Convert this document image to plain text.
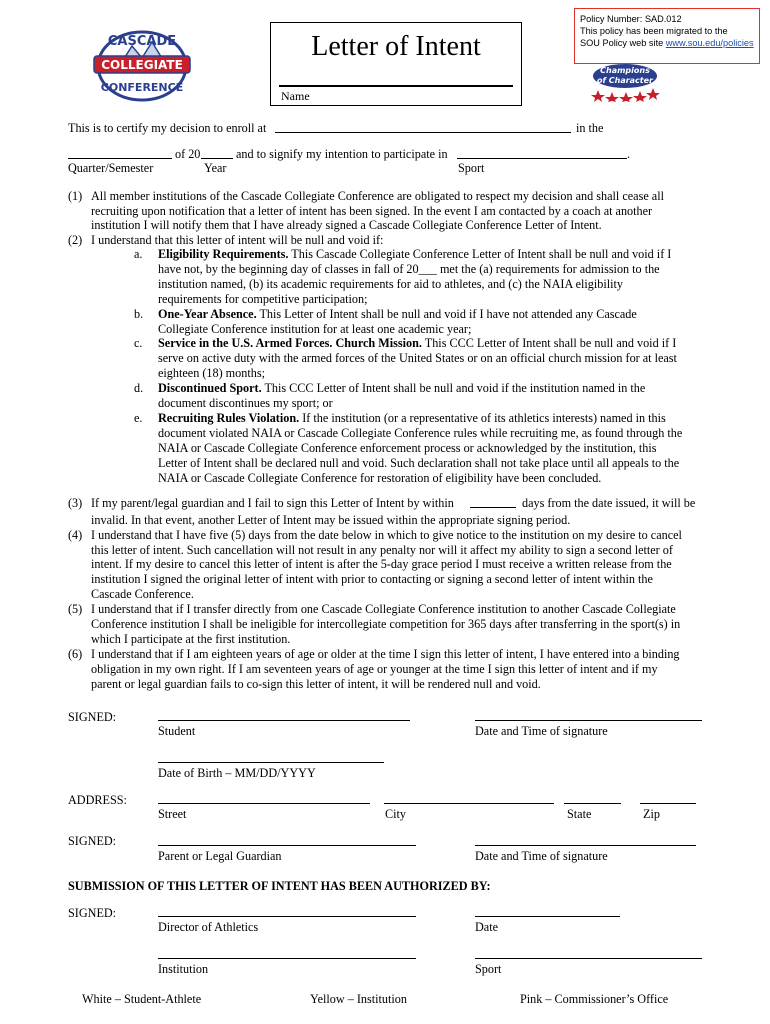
CASCADE
COLLEGIATE
CONFERENCE
Letter of Intent
Name
Policy Number: SAD.012
This policy has been migrated to the
SOU Policy web site www.sou.edu/policies
Champions
of Character
This is to certify my decision to enroll at	in the
of 20	and to signify my intention to participate in	.
Quarter/Semester	Year	Sport
(1) All member institutions of the Cascade Collegiate Conference are obligated to respect my decision and shall cease all
recruiting upon notification that a letter of intent has been signed. In the event I am contacted by a coach at another
institution I will notify them that I have already signed a Cascade Collegiate Conference Letter of Intent.
(2) I understand that this letter of intent will be null and void if:
a. Eligibility Requirements. This Cascade Collegiate Conference Letter of Intent shall be null and void if I
have not, by the beginning day of classes in fall of 20___ met the (a) requirements for admission to the
institution named, (b) its academic requirements for aid to athletes, and (c) the NAIA eligibility
requirements for competitive participation;
b. One-Year Absence. This Letter of Intent shall be null and void if I have not attended any Cascade
Collegiate Conference institution for at least one academic year;
c. Service in the U.S. Armed Forces. Church Mission. This CCC Letter of Intent shall be null and void if I
serve on active duty with the armed forces of the United States or on an official church mission for at least
eighteen (18) months;
d. Discontinued Sport. This CCC Letter of Intent shall be null and void if the institution named in the
document discontinues my sport; or
e. Recruiting Rules Violation. If the institution (or a representative of its athletics interests) named in this
document violated NAIA or Cascade Collegiate Conference rules while recruiting me, as found through the
NAIA or Cascade Collegiate Conference enforcement process or acknowledged by the institution, this
Letter of Intent shall be declared null and void. Such declaration shall not take place until all appeals to the
NAIA or Cascade Collegiate Conference for restoration of eligibility have been concluded.
(3) If my parent/legal guardian and I fail to sign this Letter of Intent by within	days from the date issued, it will be
invalid. In that event, another Letter of Intent may be issued within the appropriate signing period.
(4) I understand that I have five (5) days from the date below in which to give notice to the institution on my desire to cancel
this letter of intent. Such cancellation will not result in any penalty nor will it affect my ability to sign a second letter of
intent. If my desire to cancel this letter of intent is after the 5-day grace period I must receive a written release from the
institution I signed the original letter of intent with prior to contacting or signing a second letter of intent within the
Cascade Conference.
(5) I understand that if I transfer directly from one Cascade Collegiate Conference institution to another Cascade Collegiate
Conference institution I shall be ineligible for intercollegiate competition for 365 days after transferring in the sport(s) in
which I participate at the first institution.
(6) I understand that if I am eighteen years of age or older at the time I sign this letter of intent, I have entered into a binding
obligation in my own right. If I am seventeen years of age or younger at the time I sign this letter of intent and if my
parent or legal guardian fails to co-sign this letter of intent, it will be rendered null and void.
SIGNED:
Student	Date and Time of signature
Date of Birth – MM/DD/YYYY
ADDRESS:
Street	City	State	Zip
SIGNED:
Parent or Legal Guardian	Date and Time of signature
SUBMISSION OF THIS LETTER OF INTENT HAS BEEN AUTHORIZED BY:
SIGNED:
Director of Athletics	Date
Institution	Sport
White – Student-Athlete	Yellow – Institution	Pink – Commissioner’s Office
